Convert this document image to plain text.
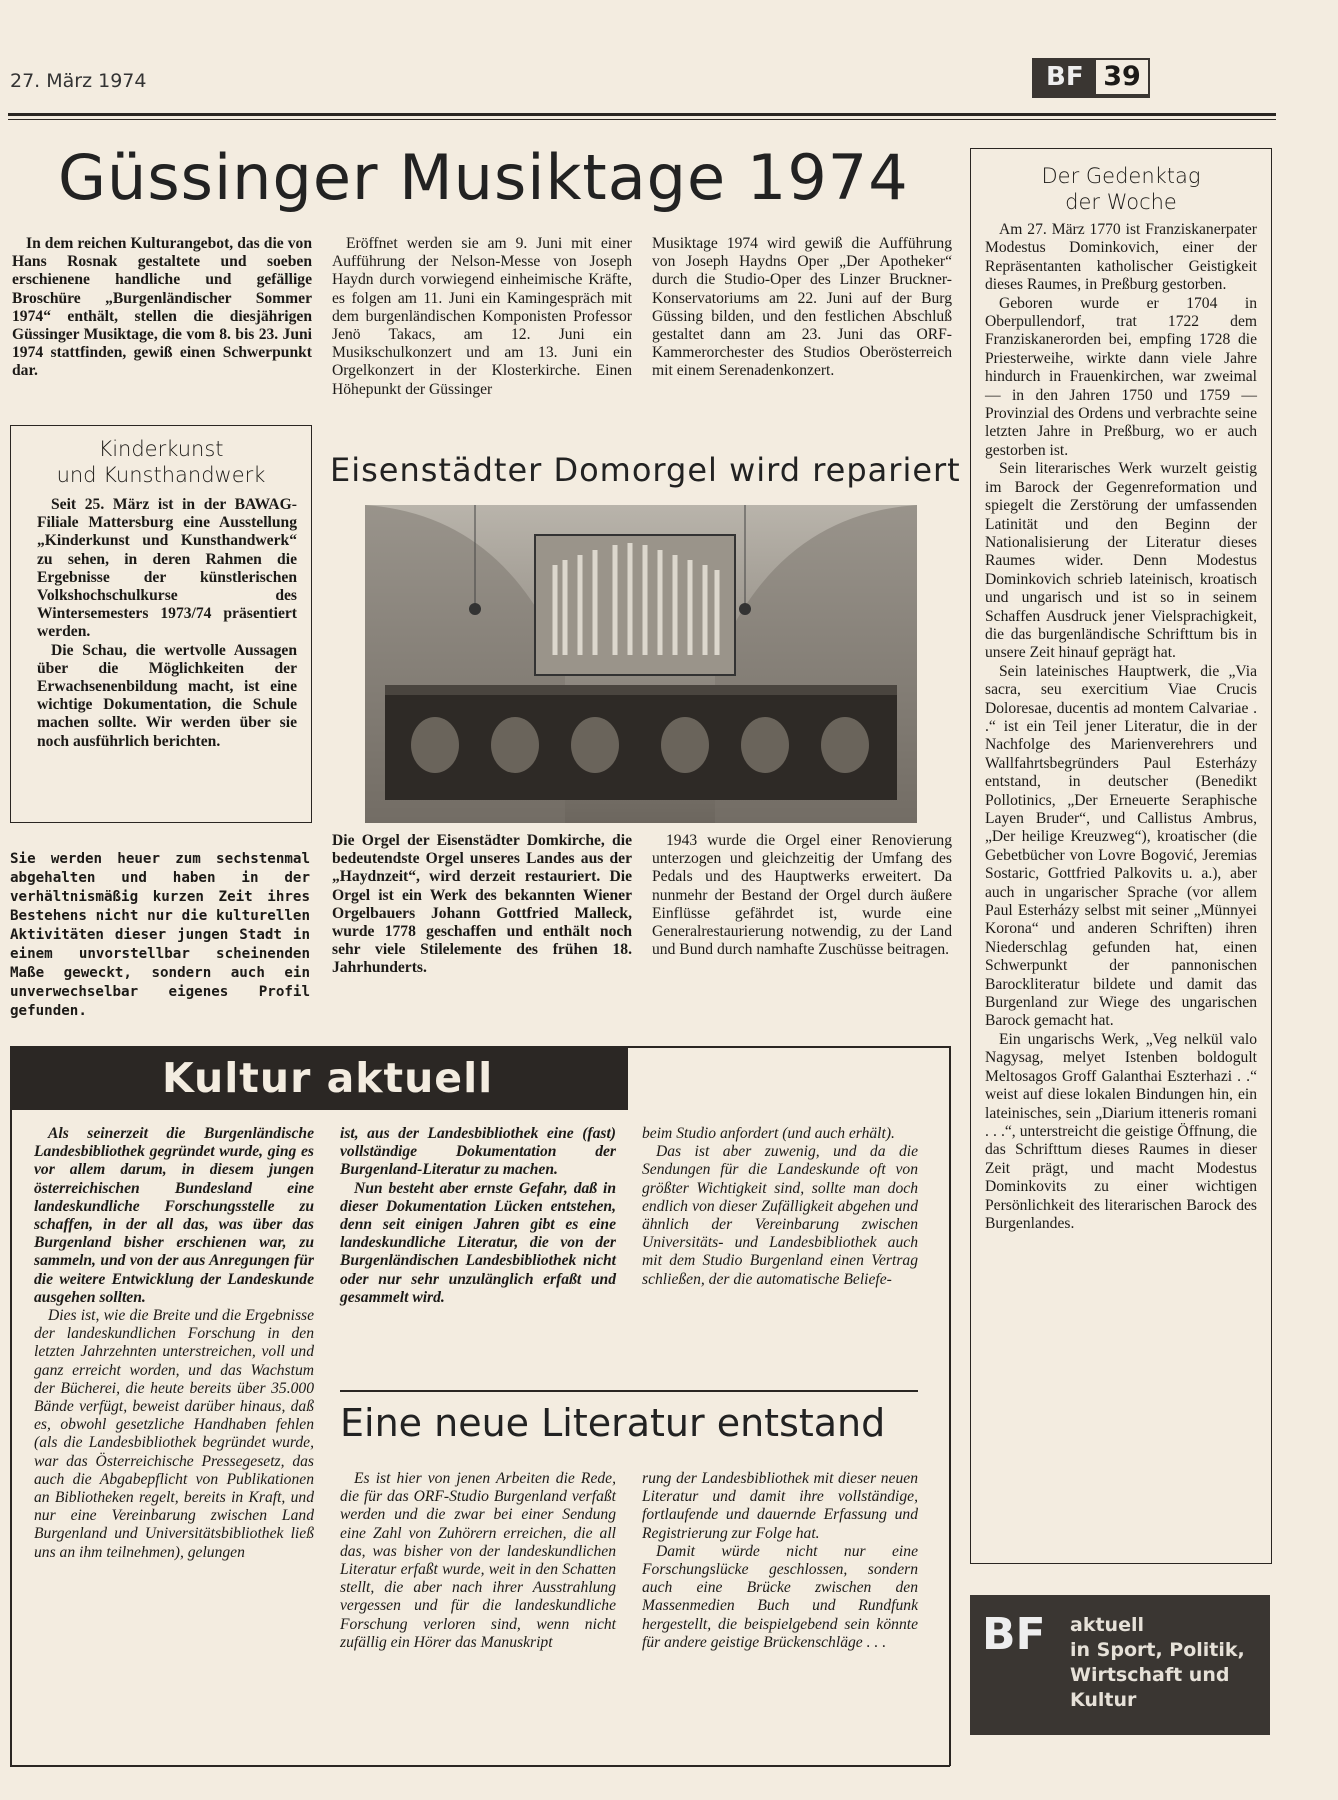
27. März 1974	BF 39
Güssinger Musiktage 1974

In dem reichen Kulturangebot, das die von Hans Rosnak gestaltete und soeben erschienene handliche und gefällige Broschüre „Burgenländischer Sommer 1974“ enthält, stellen die diesjährigen Güssinger Musiktage, die vom 8. bis 23. Juni 1974 stattfinden, gewiß einen Schwerpunkt dar.

Eröffnet werden sie am 9. Juni mit einer Aufführung der Nelson-Messe von Joseph Haydn durch vorwiegend einheimische Kräfte, es folgen am 11. Juni ein Kamingespräch mit dem burgenländischen Komponisten Professor Jenö Takacs, am 12. Juni ein Musikschulkonzert und am 13. Juni ein Orgelkonzert in der Klosterkirche. Einen Höhepunkt der Güssinger

Musiktage 1974 wird gewiß die Aufführung von Joseph Haydns Oper „Der Apotheker“ durch die Studio-Oper des Linzer Bruckner-Konservatoriums am 22. Juni auf der Burg Güssing bilden, und den festlichen Abschluß gestaltet dann am 23. Juni das ORF-Kammerorchester des Studios Oberösterreich mit einem Serenadenkonzert.

Kinderkunst
und Kunsthandwerk

Seit 25. März ist in der BAWAG-Filiale Mattersburg eine Ausstellung „Kinderkunst und Kunsthandwerk“ zu sehen, in deren Rahmen die Ergebnisse der künstlerischen Volkshochschulkurse des Wintersemesters 1973/74 präsentiert werden.

Die Schau, die wertvolle Aussagen über die Möglichkeiten der Erwachsenenbildung macht, ist eine wichtige Dokumentation, die Schule machen sollte. Wir werden über sie noch ausführlich berichten.

Sie werden heuer zum sechstenmal abgehalten und haben in der verhältnismäßig kurzen Zeit ihres Bestehens nicht nur die kulturellen Aktivitäten dieser jungen Stadt in einem unvorstellbar scheinenden Maße geweckt, sondern auch ein unverwechselbar eigenes Profil gefunden.

Eisenstädter Domorgel wird repariert

Die Orgel der Eisenstädter Domkirche, die bedeutendste Orgel unseres Landes aus der „Haydnzeit“, wird derzeit restauriert. Die Orgel ist ein Werk des bekannten Wiener Orgelbauers Johann Gottfried Malleck, wurde 1778 geschaffen und enthält noch sehr viele Stilelemente des frühen 18. Jahrhunderts.

1943 wurde die Orgel einer Renovierung unterzogen und gleichzeitig der Umfang des Pedals und des Hauptwerks erweitert. Da nunmehr der Bestand der Orgel durch äußere Einflüsse gefährdet ist, wurde eine Generalrestaurierung notwendig, zu der Land und Bund durch namhafte Zuschüsse beitragen.

Kultur aktuell

Als seinerzeit die Burgenländische Landesbibliothek gegründet wurde, ging es vor allem darum, in diesem jungen österreichischen Bundesland eine landeskundliche Forschungsstelle zu schaffen, in der all das, was über das Burgenland bisher erschienen war, zu sammeln, und von der aus Anregungen für die weitere Entwicklung der Landeskunde ausgehen sollten.

Dies ist, wie die Breite und die Ergebnisse der landeskundlichen Forschung in den letzten Jahrzehnten unterstreichen, voll und ganz erreicht worden, und das Wachstum der Bücherei, die heute bereits über 35.000 Bände verfügt, beweist darüber hinaus, daß es, obwohl gesetzliche Handhaben fehlen (als die Landesbibliothek begründet wurde, war das Österreichische Pressegesetz, das auch die Abgabepflicht von Publikationen an Bibliotheken regelt, bereits in Kraft, und nur eine Vereinbarung zwischen Land Burgenland und Universitätsbibliothek ließ uns an ihm teilnehmen), gelungen

ist, aus der Landesbibliothek eine (fast) vollständige Dokumentation der Burgenland-Literatur zu machen.

Nun besteht aber ernste Gefahr, daß in dieser Dokumentation Lücken entstehen, denn seit einigen Jahren gibt es eine landeskundliche Literatur, die von der Burgenländischen Landesbibliothek nicht oder nur sehr unzulänglich erfaßt und gesammelt wird.

beim Studio anfordert (und auch erhält).

Das ist aber zuwenig, und da die Sendungen für die Landeskunde oft von größter Wichtigkeit sind, sollte man doch endlich von dieser Zufälligkeit abgehen und ähnlich der Vereinbarung zwischen Universitäts- und Landesbibliothek auch mit dem Studio Burgenland einen Vertrag schließen, der die automatische Beliefe-

Eine neue Literatur entstand

Es ist hier von jenen Arbeiten die Rede, die für das ORF-Studio Burgenland verfaßt werden und die zwar bei einer Sendung eine Zahl von Zuhörern erreichen, die all das, was bisher von der landeskundlichen Literatur erfaßt wurde, weit in den Schatten stellt, die aber nach ihrer Ausstrahlung vergessen und für die landeskundliche Forschung verloren sind, wenn nicht zufällig ein Hörer das Manuskript

rung der Landesbibliothek mit dieser neuen Literatur und damit ihre vollständige, fortlaufende und dauernde Erfassung und Registrierung zur Folge hat.

Damit würde nicht nur eine Forschungslücke geschlossen, sondern auch eine Brücke zwischen den Massenmedien Buch und Rundfunk hergestellt, die beispielgebend sein könnte für andere geistige Brückenschläge . . .

Der Gedenktag
der Woche

Am 27. März 1770 ist Franziskanerpater Modestus Dominkovich, einer der Repräsentanten katholischer Geistigkeit dieses Raumes, in Preßburg gestorben.

Geboren wurde er 1704 in Oberpullendorf, trat 1722 dem Franziskanerorden bei, empfing 1728 die Priesterweihe, wirkte dann viele Jahre hindurch in Frauenkirchen, war zweimal — in den Jahren 1750 und 1759 — Provinzial des Ordens und verbrachte seine letzten Jahre in Preßburg, wo er auch gestorben ist.

Sein literarisches Werk wurzelt geistig im Barock der Gegenreformation und spiegelt die Zerstörung der umfassenden Latinität und den Beginn der Nationalisierung der Literatur dieses Raumes wider. Denn Modestus Dominkovich schrieb lateinisch, kroatisch und ungarisch und ist so in seinem Schaffen Ausdruck jener Vielsprachigkeit, die das burgenländische Schrifttum bis in unsere Zeit hinauf geprägt hat.

Sein lateinisches Hauptwerk, die „Via sacra, seu exercitium Viae Crucis Doloresae, ducentis ad montem Calvariae . .“ ist ein Teil jener Literatur, die in der Nachfolge des Marienverehrers und Wallfahrtsbegründers Paul Esterházy entstand, in deutscher (Benedikt Pollotinics, „Der Erneuerte Seraphische Layen Bruder“, und Callistus Ambrus, „Der heilige Kreuzweg“), kroatischer (die Gebetbücher von Lovre Bogović, Jeremias Sostaric, Gottfried Palkovits u. a.), aber auch in ungarischer Sprache (vor allem Paul Esterházy selbst mit seiner „Münnyei Korona“ und anderen Schriften) ihren Niederschlag gefunden hat, einen Schwerpunkt der pannonischen Barockliteratur bildete und damit das Burgenland zur Wiege des ungarischen Barock gemacht hat.

Ein ungarischs Werk, „Veg nelkül valo Nagysag, melyet Istenben boldogult Meltosagos Groff Galanthai Eszterhazi . .“ weist auf diese lokalen Bindungen hin, ein lateinisches, sein „Diarium itteneris romani . . .“, unterstreicht die geistige Öffnung, die das Schrifttum dieses Raumes in dieser Zeit prägt, und macht Modestus Dominkovits zu einer wichtigen Persönlichkeit des literarischen Barock des Burgenlandes.

BF aktuell
in Sport, Politik,
Wirtschaft und
Kultur
